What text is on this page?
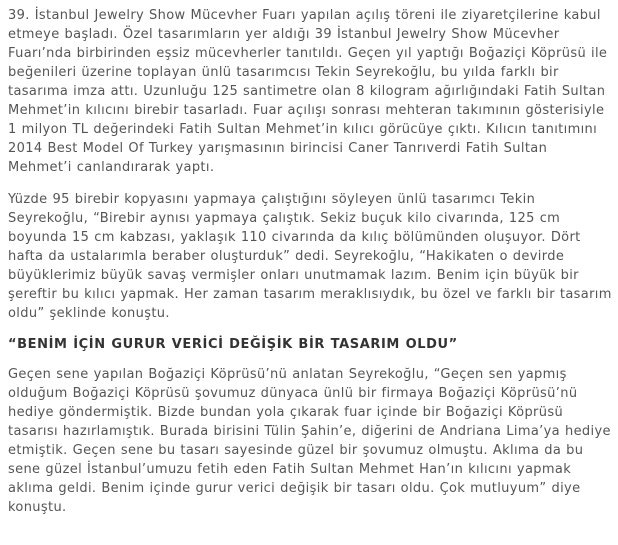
39. İstanbul Jewelry Show Mücevher Fuarı yapılan açılış töreni ile ziyaretçilerine kabul etmeye başladı. Özel tasarımların yer aldığı 39 İstanbul Jewelry Show Mücevher Fuarı’nda birbirinden eşsiz mücevherler tanıtıldı. Geçen yıl yaptığı Boğaziçi Köprüsü ile beğenileri üzerine toplayan ünlü tasarımcısı Tekin Seyrekoğlu, bu yılda farklı bir tasarıma imza attı. Uzunluğu 125 santimetre olan 8 kilogram ağırlığındaki Fatih Sultan Mehmet’in kılıcını birebir tasarladı. Fuar açılışı sonrası mehteran takımının gösterisiyle 1 milyon TL değerindeki Fatih Sultan Mehmet’in kılıcı görücüye çıktı. Kılıcın tanıtımını 2014 Best Model Of Turkey yarışmasının birincisi Caner Tanrıverdi Fatih Sultan Mehmet’i canlandırarak yaptı.

Yüzde 95 birebir kopyasını yapmaya çalıştığını söyleyen ünlü tasarımcı Tekin Seyrekoğlu, “Birebir aynısı yapmaya çalıştık. Sekiz buçuk kilo civarında, 125 cm boyunda 15 cm kabzası, yaklaşık 110 civarında da kılıç bölümünden oluşuyor. Dört hafta da ustalarımla beraber oluşturduk” dedi. Seyrekoğlu, “Hakikaten o devirde büyüklerimiz büyük savaş vermişler onları unutmamak lazım. Benim için büyük bir şereftir bu kılıcı yapmak. Her zaman tasarım meraklısıydık, bu özel ve farklı bir tasarım oldu” şeklinde konuştu.

“BENİM İÇİN GURUR VERİCİ DEĞİŞİK BİR TASARIM OLDU”

Geçen sene yapılan Boğaziçi Köprüsü’nü anlatan Seyrekoğlu, “Geçen sen yapmış olduğum Boğaziçi Köprüsü şovumuz dünyaca ünlü bir firmaya Boğaziçi Köprüsü’nü hediye göndermiştik. Bizde bundan yola çıkarak fuar içinde bir Boğaziçi Köprüsü tasarısı hazırlamıştık. Burada birisini Tülin Şahin’e, diğerini de Andriana Lima’ya hediye etmiştik. Geçen sene bu tasarı sayesinde güzel bir şovumuz olmuştu. Aklıma da bu sene güzel İstanbul’umuzu fetih eden Fatih Sultan Mehmet Han’ın kılıcını yapmak aklıma geldi. Benim içinde gurur verici değişik bir tasarı oldu. Çok mutluyum” diye konuştu.
